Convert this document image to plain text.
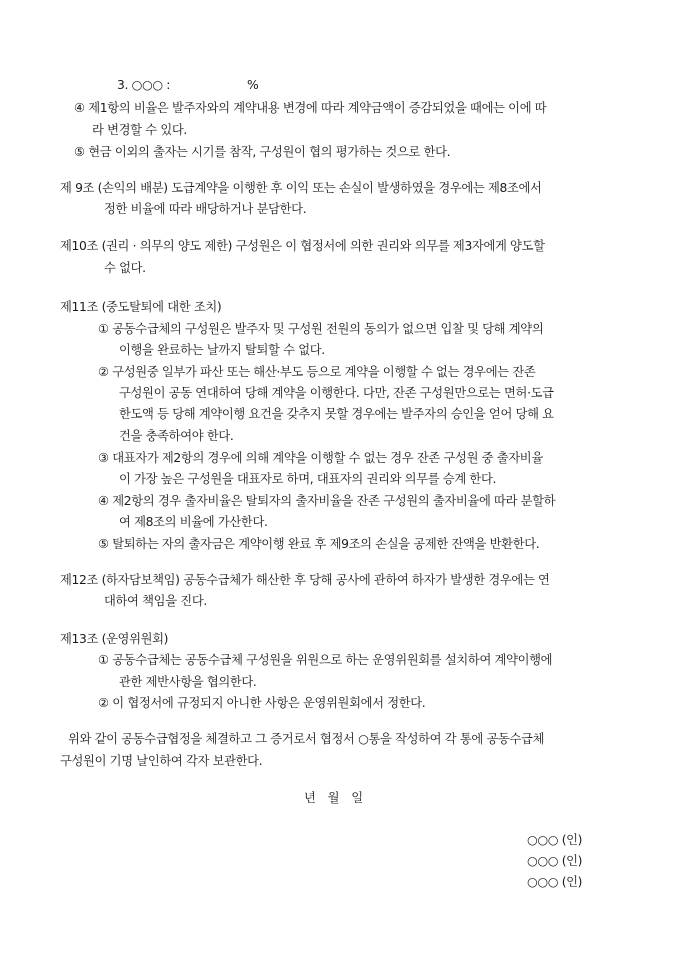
3. ○○○ :	%
④ 제1항의 비율은 발주자와의 계약내용 변경에 따라 계약금액이 증감되었을 때에는 이에 따
라 변경할 수 있다.
⑤ 현금 이외의 출자는 시기를 참작, 구성원이 협의 평가하는 것으로 한다.
제 9조 (손익의 배분) 도급계약을 이행한 후 이익 또는 손실이 발생하였을 경우에는 제8조에서
정한 비율에 따라 배당하거나 분담한다.
제10조 (권리 · 의무의 양도 제한) 구성원은 이 협정서에 의한 권리와 의무를 제3자에게 양도할
수 없다.
제11조 (중도탈퇴에 대한 조치)
① 공동수급체의 구성원은 발주자 및 구성원 전원의 동의가 없으면 입찰 및 당해 계약의
이행을 완료하는 날까지 탈퇴할 수 없다.
② 구성원중 일부가 파산 또는 해산·부도 등으로 계약을 이행할 수 없는 경우에는 잔존
구성원이 공동 연대하여 당해 계약을 이행한다. 다만, 잔존 구성원만으로는 면허·도급
한도액 등 당해 계약이행 요건을 갖추지 못할 경우에는 발주자의 승인을 얻어 당해 요
건을 충족하여야 한다.
③ 대표자가 제2항의 경우에 의해 계약을 이행할 수 없는 경우 잔존 구성원 중 출자비율
이 가장 높은 구성원을 대표자로 하며, 대표자의 권리와 의무를 승계 한다.
④ 제2항의 경우 출자비율은 탈퇴자의 출자비율을 잔존 구성원의 출자비율에 따라 분할하
여 제8조의 비율에 가산한다.
⑤ 탈퇴하는 자의 출자금은 계약이행 완료 후 제9조의 손실을 공제한 잔액을 반환한다.
제12조 (하자담보책임) 공동수급체가 해산한 후 당해 공사에 관하여 하자가 발생한 경우에는 연
대하여 책임을 진다.
제13조 (운영위원회)
① 공동수급체는 공동수급체 구성원을 위원으로 하는 운영위원회를 설치하여 계약이행에
관한 제반사항을 협의한다.
② 이 협정서에 규정되지 아니한 사항은 운영위원회에서 정한다.
위와 같이 공동수급협정을 체결하고 그 증거로서 협정서 ○통을 작성하여 각 통에 공동수급체
구성원이 기명 날인하여 각자 보관한다.
년   월   일
○○○ (인)
○○○ (인)
○○○ (인)
